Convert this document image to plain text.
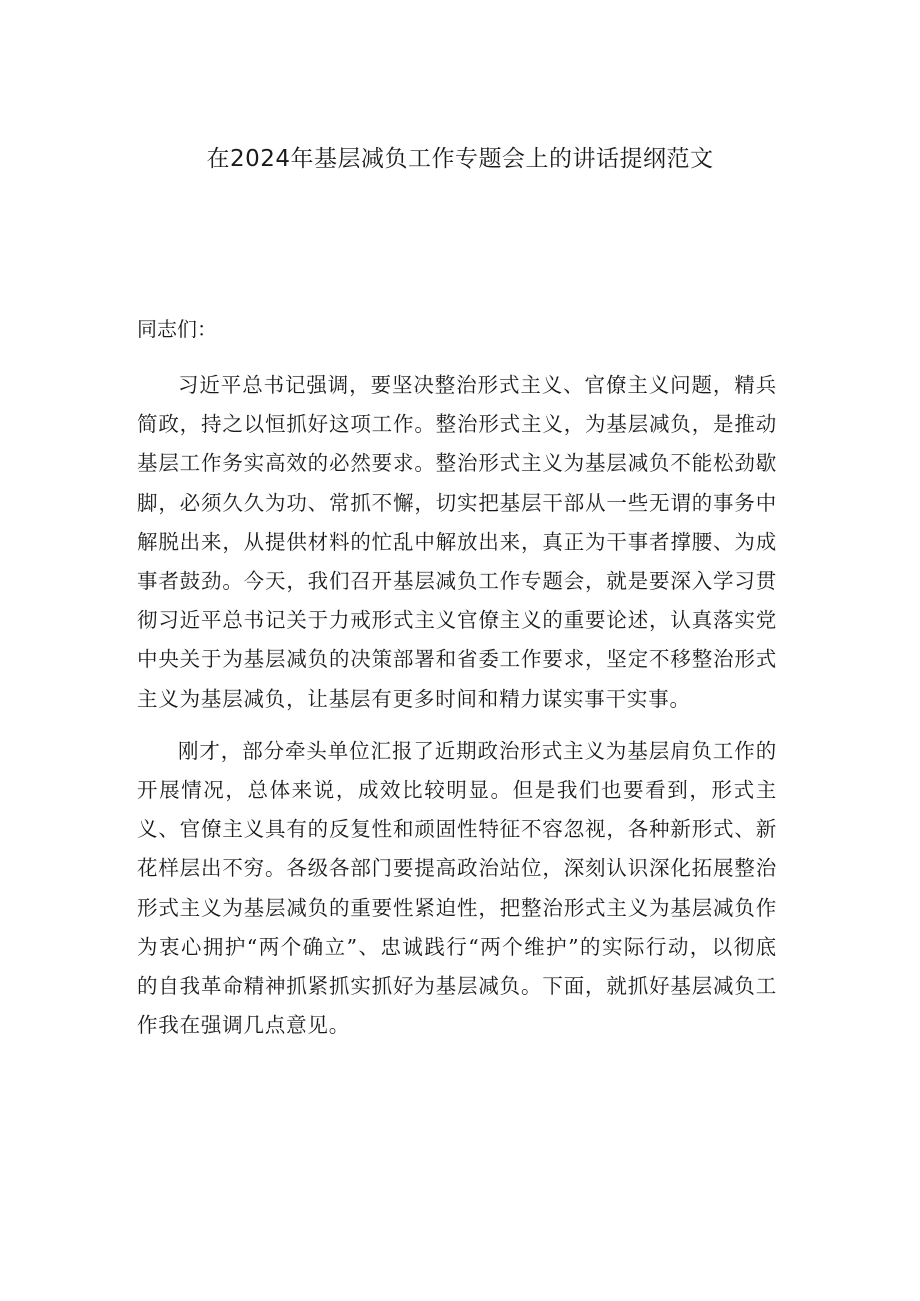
在2024年基层减负工作专题会上的讲话提纲范文

同志们：

习近平总书记强调，要坚决整治形式主义、官僚主义问题，精兵简政，持之以恒抓好这项工作。整治形式主义，为基层减负，是推动基层工作务实高效的必然要求。整治形式主义为基层减负不能松劲歇脚，必须久久为功、常抓不懈，切实把基层干部从一些无谓的事务中解脱出来，从提供材料的忙乱中解放出来，真正为干事者撑腰、为成事者鼓劲。今天，我们召开基层减负工作专题会，就是要深入学习贯彻习近平总书记关于力戒形式主义官僚主义的重要论述，认真落实党中央关于为基层减负的决策部署和省委工作要求，坚定不移整治形式主义为基层减负，让基层有更多时间和精力谋实事干实事。

刚才，部分牵头单位汇报了近期政治形式主义为基层肩负工作的开展情况，总体来说，成效比较明显。但是我们也要看到，形式主义、官僚主义具有的反复性和顽固性特征不容忽视，各种新形式、新花样层出不穷。各级各部门要提高政治站位，深刻认识深化拓展整治形式主义为基层减负的重要性紧迫性，把整治形式主义为基层减负作为衷心拥护“两个确立”、忠诚践行“两个维护”的实际行动，以彻底的自我革命精神抓紧抓实抓好为基层减负。下面，就抓好基层减负工作我在强调几点意见。
